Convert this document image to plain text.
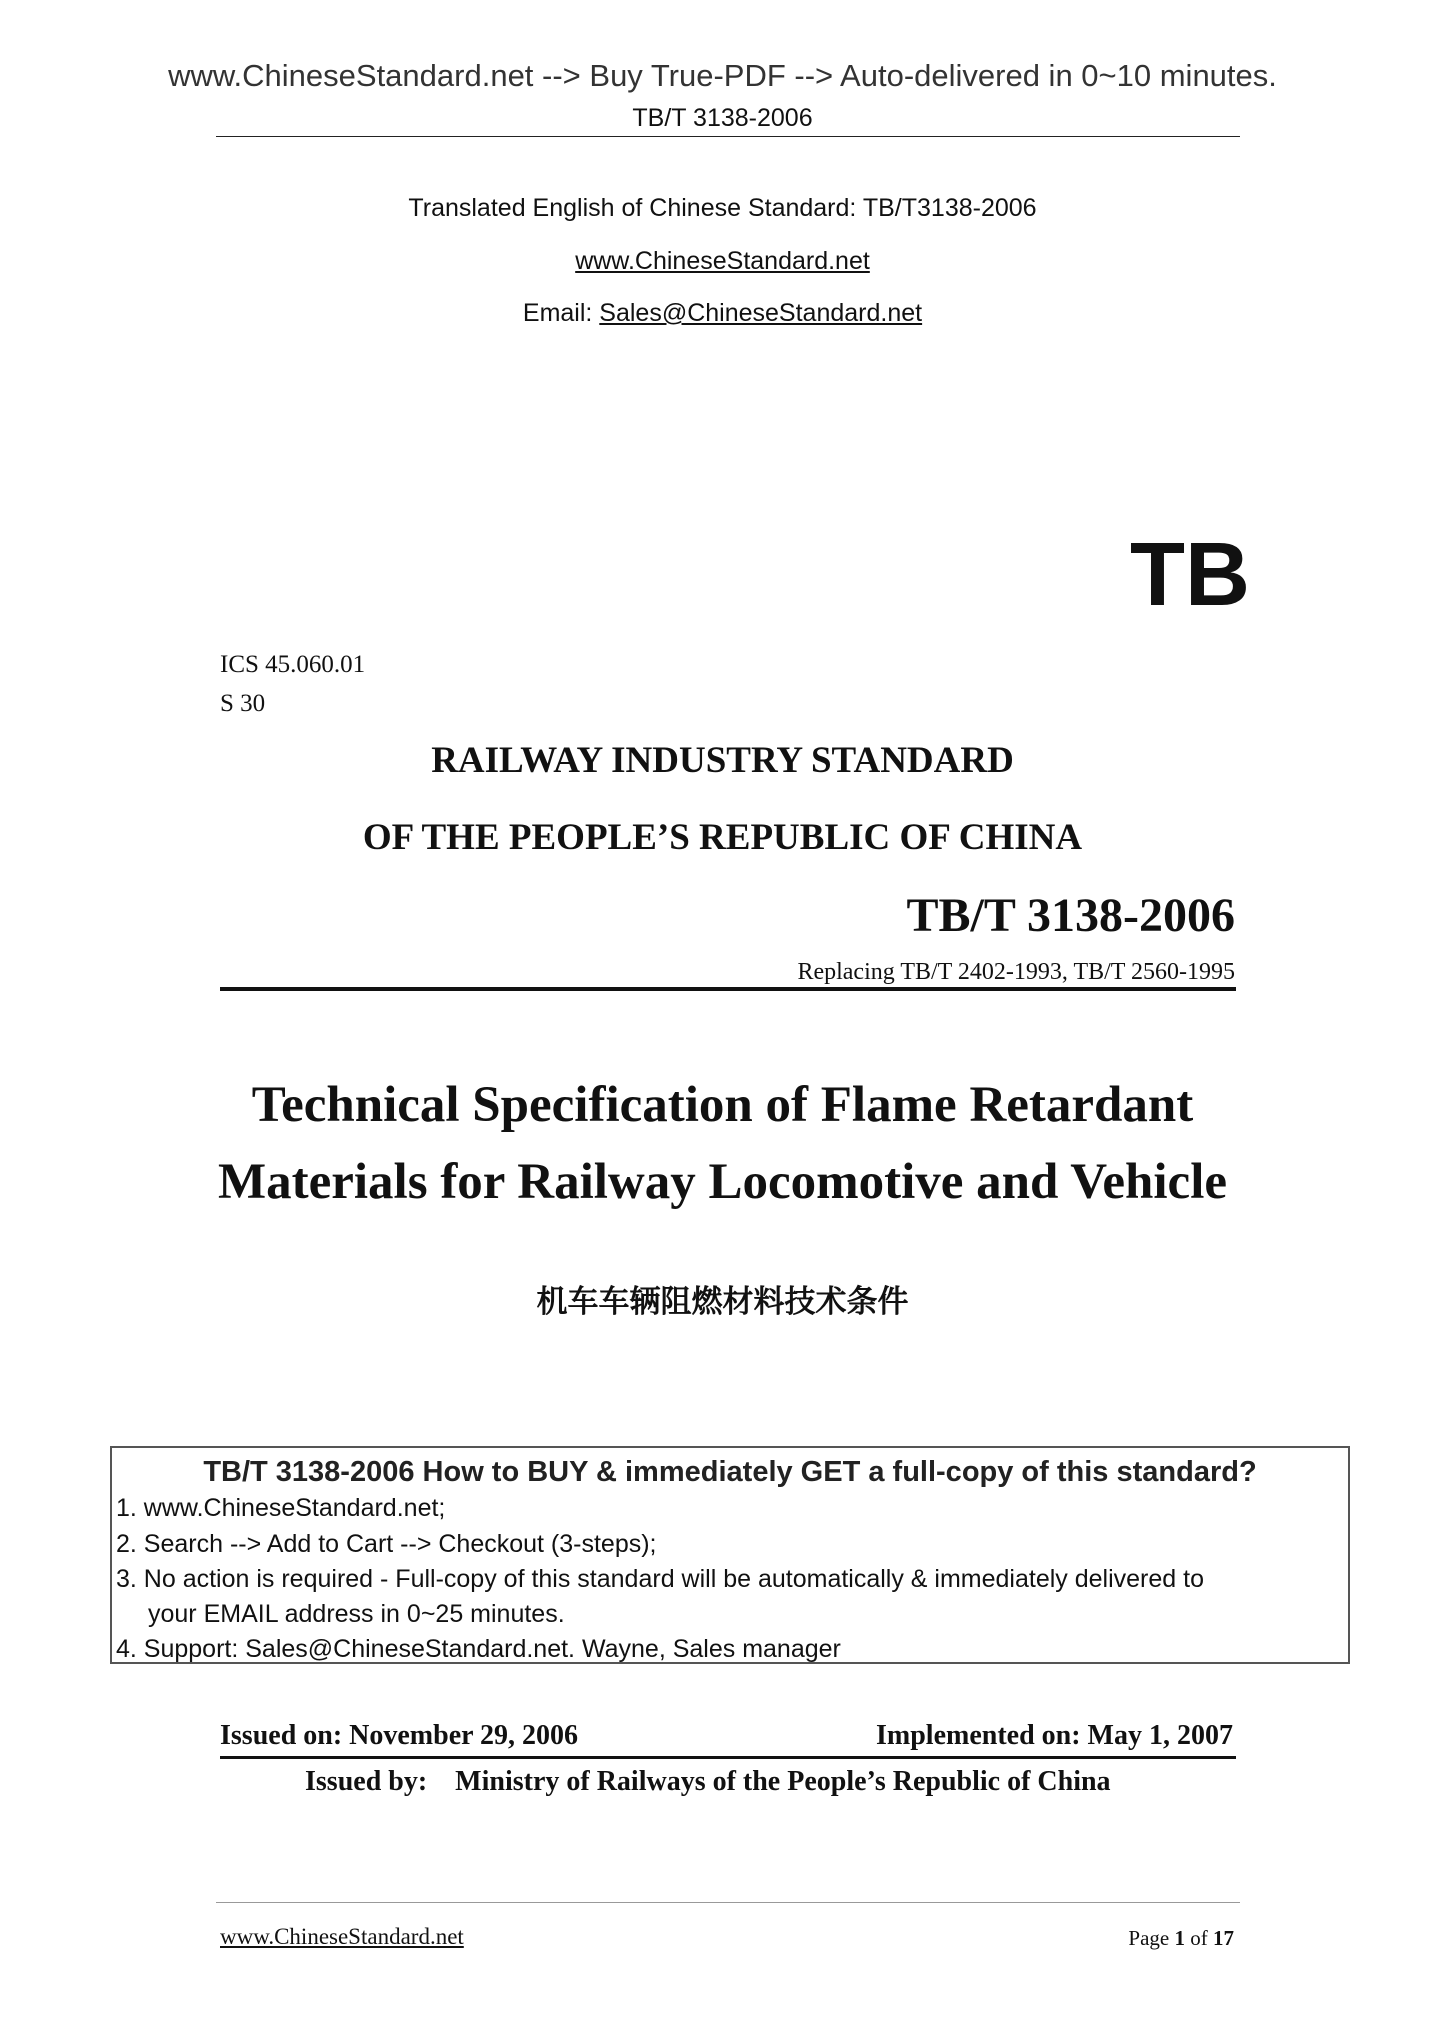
www.ChineseStandard.net --> Buy True-PDF --> Auto-delivered in 0~10 minutes.
TB/T 3138-2006
Translated English of Chinese Standard: TB/T3138-2006
www.ChineseStandard.net
Email: Sales@ChineseStandard.net
TB
ICS 45.060.01
S 30
RAILWAY INDUSTRY STANDARD
OF THE PEOPLE’S REPUBLIC OF CHINA
TB/T 3138-2006
Replacing TB/T 2402-1993, TB/T 2560-1995
Technical Specification of Flame Retardant
Materials for Railway Locomotive and Vehicle
机车车辆阻燃材料技术条件
TB/T 3138-2006 How to BUY & immediately GET a full-copy of this standard?
1. www.ChineseStandard.net;
2. Search --> Add to Cart --> Checkout (3-steps);
3. No action is required - Full-copy of this standard will be automatically & immediately delivered to
your EMAIL address in 0~25 minutes.
4. Support: Sales@ChineseStandard.net. Wayne, Sales manager
Issued on: November 29, 2006	Implemented on: May 1, 2007
Issued by:    Ministry of Railways of the People’s Republic of China
www.ChineseStandard.net	Page 1 of 17
